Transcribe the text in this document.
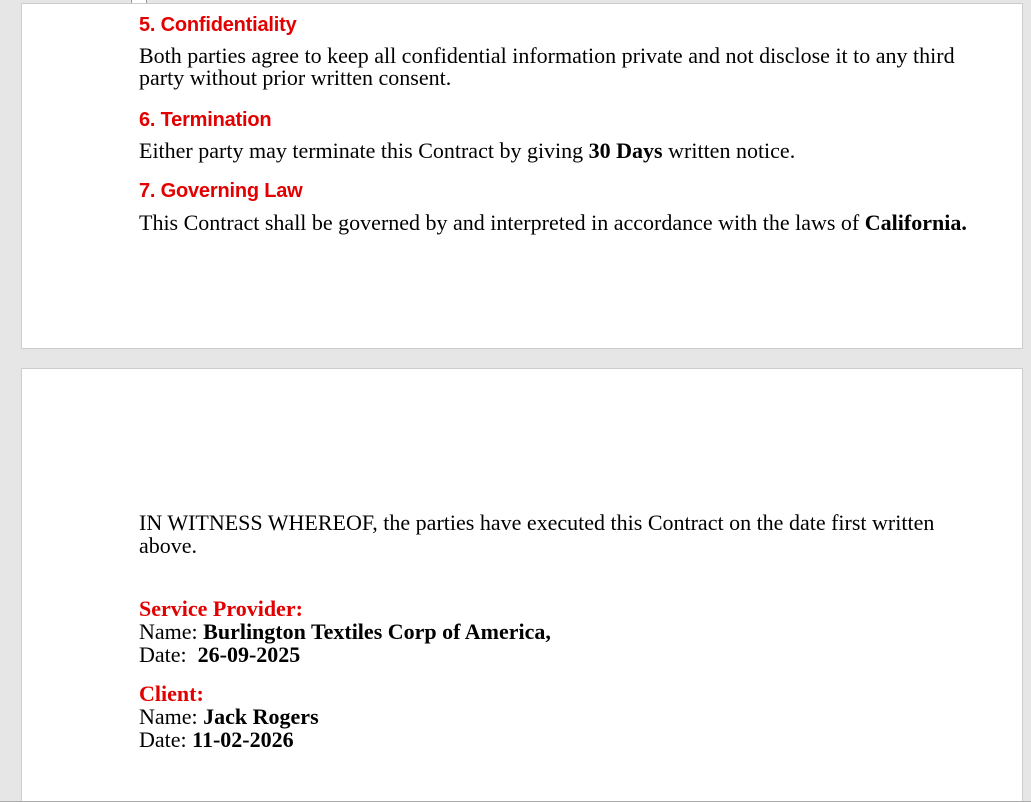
5. Confidentiality

Both parties agree to keep all confidential information private and not disclose it to any third
party without prior written consent.

6. Termination

Either party may terminate this Contract by giving 30 Days written notice.

7. Governing Law

This Contract shall be governed by and interpreted in accordance with the laws of California.

IN WITNESS WHEREOF, the parties have executed this Contract on the date first written
above.

Service Provider:

Name: Burlington Textiles Corp of America,

Date:  26-09-2025

Client:

Name: Jack Rogers

Date: 11-02-2026
